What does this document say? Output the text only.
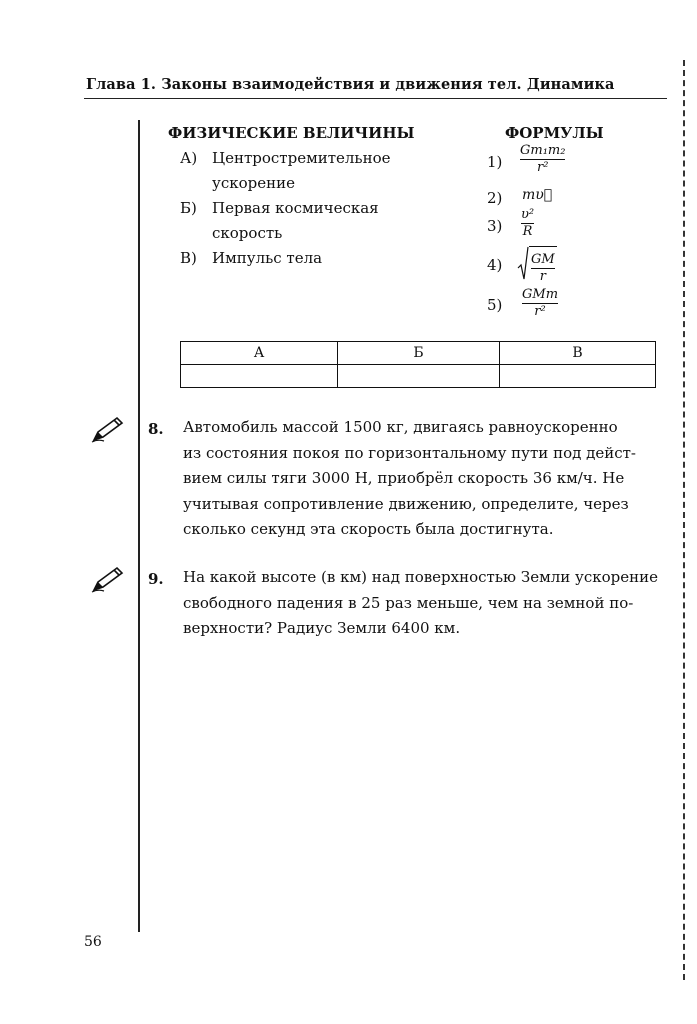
Глава 1. Законы взаимодействия и движения тел. Динамика
ФИЗИЧЕСКИЕ ВЕЛИЧИНЫ
А) Центростремительное
ускорение
Б) Первая космическая
скорость
В) Импульс тела
ФОРМУЛЫ
1)
Gm₁m₂
r²
2) mυ⃗
3)
υ²
R
$4) \frac{GM}{r}$
5)
GMm
r²
А	Б	В

8. Автомобиль массой 1500 кг, двигаясь равноускоренно
из состояния покоя по горизонтальному пути под дейст-
вием силы тяги 3000 Н, приобрёл скорость 36 км/ч. Не
учитывая сопротивление движению, определите, через
сколько секунд эта скорость была достигнута.
9. На какой высоте (в км) над поверхностью Земли ускорение
свободного падения в 25 раз меньше, чем на земной по-
верхности? Радиус Земли 6400 км.
56
